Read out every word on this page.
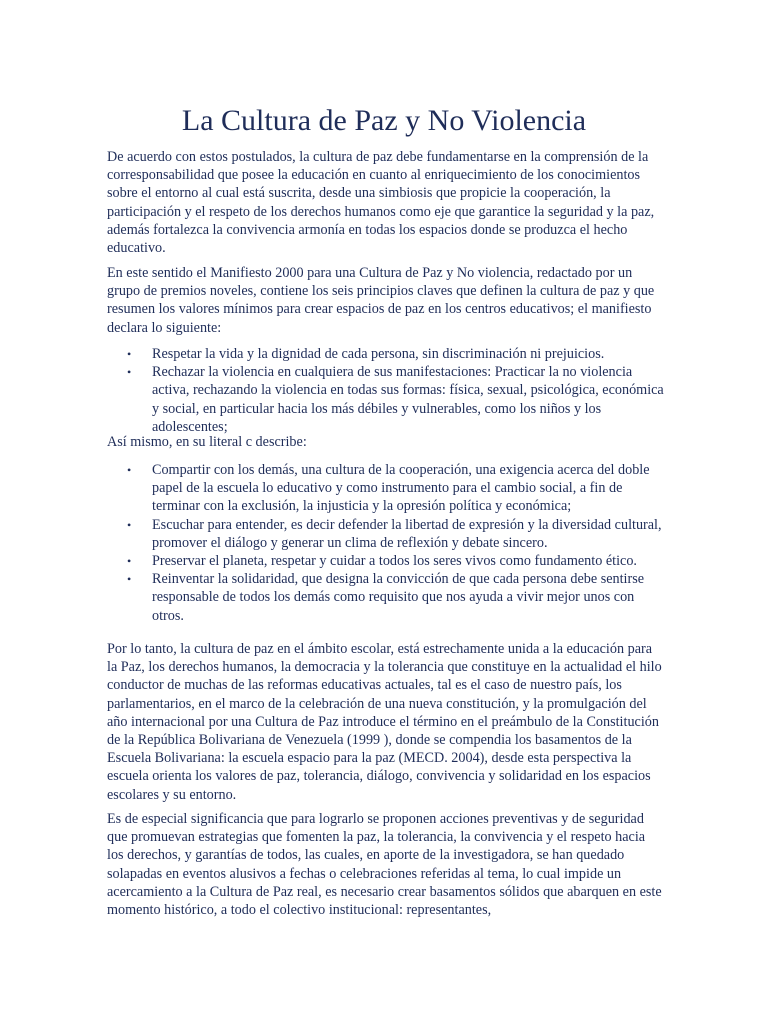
La Cultura de Paz y No Violencia

De acuerdo con estos postulados, la cultura de paz debe fundamentarse en la comprensión de la corresponsabilidad que posee la educación en cuanto al enriquecimiento de los conocimientos sobre el entorno al cual está suscrita, desde una simbiosis que propicie la cooperación, la participación y el respeto de los derechos humanos como eje que garantice la seguridad y la paz, además fortalezca la convivencia armonía en todas los espacios donde se produzca el hecho educativo.

En este sentido el Manifiesto 2000 para una Cultura de Paz y No violencia, redactado por un grupo de premios noveles, contiene los seis principios claves que definen la cultura de paz y que resumen los valores mínimos para crear espacios de paz en los centros educativos; el manifiesto declara lo siguiente:

• Respetar la vida y la dignidad de cada persona, sin discriminación ni prejuicios.
• Rechazar la violencia en cualquiera de sus manifestaciones: Practicar la no violencia activa, rechazando la violencia en todas sus formas: física, sexual, psicológica, económica y social, en particular hacia los más débiles y vulnerables, como los niños y los adolescentes;

Así mismo, en su literal c describe:

• Compartir con los demás, una cultura de la cooperación, una exigencia acerca del doble papel de la escuela lo educativo y como instrumento para el cambio social, a fin de terminar con la exclusión, la injusticia y la opresión política y económica;
• Escuchar para entender, es decir defender la libertad de expresión y la diversidad cultural, promover el diálogo y generar un clima de reflexión y debate sincero.
• Preservar el planeta, respetar y cuidar a todos los seres vivos como fundamento ético.
• Reinventar la solidaridad, que designa la convicción de que cada persona debe sentirse responsable de todos los demás como requisito que nos ayuda a vivir mejor unos con otros.

Por lo tanto, la cultura de paz en el ámbito escolar, está estrechamente unida a la educación para la Paz, los derechos humanos, la democracia y la tolerancia que constituye en la actualidad el hilo conductor de muchas de las reformas educativas actuales, tal es el caso de nuestro país, los parlamentarios, en el marco de la celebración de una nueva constitución, y la promulgación del año internacional por una Cultura de Paz introduce el término en el preámbulo de la Constitución de la República Bolivariana de Venezuela (1999 ), donde se compendia los basamentos de la Escuela Bolivariana: la escuela espacio para la paz (MECD. 2004), desde esta perspectiva la escuela orienta los valores de paz, tolerancia, diálogo, convivencia y solidaridad en los espacios escolares y su entorno.

Es de especial significancia que para lograrlo se proponen acciones preventivas y de seguridad que promuevan estrategias que fomenten la paz, la tolerancia, la convivencia y el respeto hacia los derechos, y garantías de todos, las cuales, en aporte de la investigadora, se han quedado solapadas en eventos alusivos a fechas o celebraciones referidas al tema, lo cual impide un acercamiento a la Cultura de Paz real, es necesario crear basamentos sólidos que abarquen en este momento histórico, a todo el colectivo institucional: representantes,
